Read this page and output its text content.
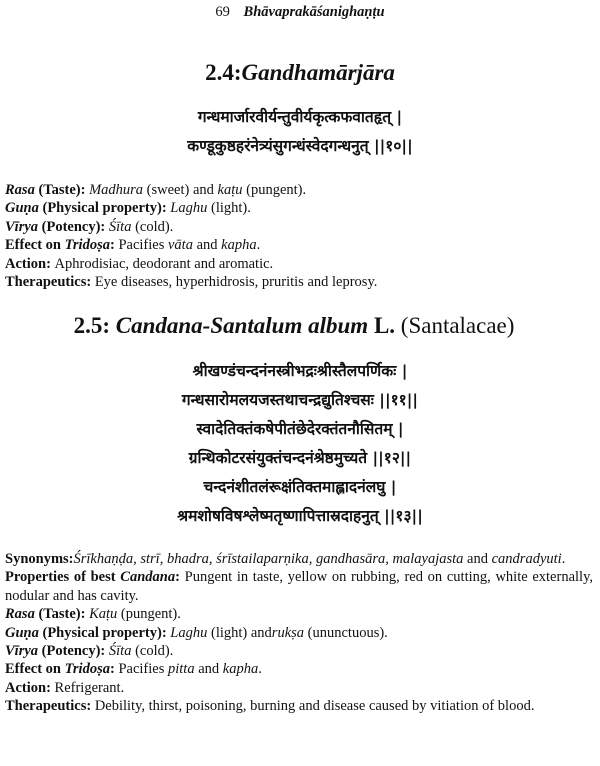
69 Bhāvaprakāśanighaṇṭu
2.4:Gandhamārjāra
गन्धमार्जारवीर्यन्तुवीर्यकृत्कफवातहृत् |
कण्डूकुष्ठहरंनेत्र्यंसुगन्धंस्वेदगन्धनुत् ||१०||

Rasa (Taste): Madhura (sweet) and kaṭu (pungent).

Guṇa (Physical property): Laghu (light).

Vīrya (Potency): Śīta (cold).

Effect on Tridoṣa: Pacifies vāta and kapha.

Action: Aphrodisiac, deodorant and aromatic.

Therapeutics: Eye diseases, hyperhidrosis, pruritis and leprosy.

2.5: Candana-Santalum album L. (Santalacae)
श्रीखण्डंचन्दनंनस्त्रीभद्रःश्रीस्तैलपर्णिकः |
गन्धसारोमलयजस्तथाचन्द्रद्युतिश्चसः ||११||
स्वादेतिक्तंकषेपीतंछेदेरक्तंतनौसितम् |
ग्रन्थिकोटरसंयुक्तंचन्दनंश्रेष्ठमुच्यते ||१२||
चन्दनंशीतलंरूक्षंतिक्तमाह्लादनंलघु |
श्रमशोषविषश्लेष्मतृष्णापित्तास्रदाहनुत् ||१३||

Synonyms:Śrīkhaṇḍa, strī, bhadra, śrīstailaparṇika, gandhasāra, malayajasta and candradyuti.

Properties of best Candana: Pungent in taste, yellow on rubbing, red on cutting, white externally, nodular and has cavity.

Rasa (Taste): Kaṭu (pungent).

Guṇa (Physical property): Laghu (light) andrukṣa (ununctuous).

Vīrya (Potency): Śīta (cold).

Effect on Tridoṣa: Pacifies pitta and kapha.

Action: Refrigerant.

Therapeutics: Debility, thirst, poisoning, burning and disease caused by vitiation of blood.
